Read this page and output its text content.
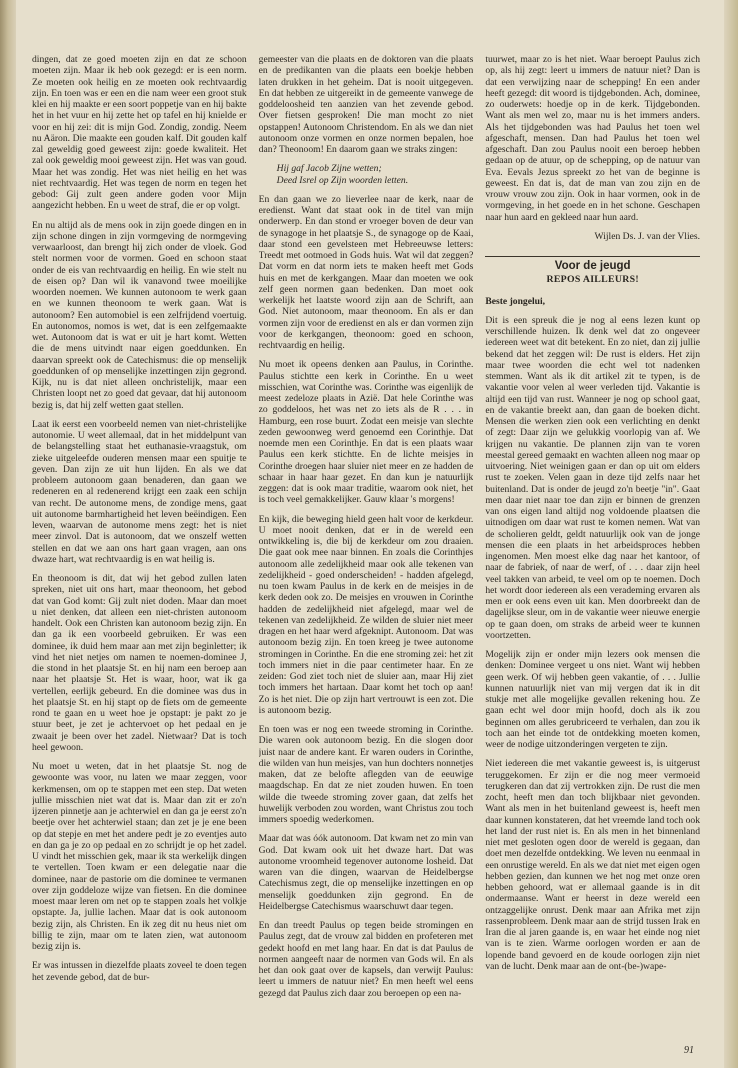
dingen, dat ze goed moeten zijn en dat ze schoon moeten zijn. Maar ik heb ook gezegd: er is een norm. Ze moeten ook heilig en ze moeten ook rechtvaardig zijn. En toen was er een en die nam weer een groot stuk klei en hij maakte er een soort poppetje van en hij bakte het in het vuur en hij zette het op tafel en hij knielde er voor en hij zei: dit is mijn God. Zondig, zondig. Neem nu Aäron. Die maakte een gouden kalf. Dit gouden kalf zal geweldig goed geweest zijn: goede kwaliteit. Het zal ook geweldig mooi geweest zijn. Het was van goud. Maar het was zondig. Het was niet heilig en het was niet rechtvaardig. Het was tegen de norm en tegen het gebod: Gij zult geen andere goden voor Mijn aangezicht hebben. En u weet de straf, die er op volgt.

En nu altijd als de mens ook in zijn goede dingen en in zijn schone dingen in zijn vormgeving de normgeving verwaarloost, dan brengt hij zich onder de vloek. God stelt normen voor de vormen. Goed en schoon staat onder de eis van rechtvaardig en heilig. En wie stelt nu de eisen op? Dan wil ik vanavond twee moeilijke woorden noemen. We kunnen autonoom te werk gaan en we kunnen theonoom te werk gaan. Wat is autonoom? Een automobiel is een zelfrijdend voertuig. En autonomos, nomos is wet, dat is een zelfgemaakte wet. Autonoom dat is wat er uit je hart komt. Wetten die de mens uitvindt naar eigen goeddunken. En daarvan spreekt ook de Catechismus: die op menselijk goeddunken of op menselijke inzettingen zijn gegrond. Kijk, nu is dat niet alleen onchristelijk, maar een Christen loopt net zo goed dat gevaar, dat hij autonoom bezig is, dat hij zelf wetten gaat stellen.

Laat ik eerst een voorbeeld nemen van niet-christelijke autonomie. U weet allemaal, dat in het middelpunt van de belangstelling staat het euthanasie-vraagstuk, om zieke uitgeleefde ouderen mensen maar een spuitje te geven. Dan zijn ze uit hun lijden. En als we dat probleem autonoom gaan benaderen, dan gaan we redeneren en al redenerend krijgt een zaak een schijn van recht. De autonome mens, de zondige mens, gaat uit autonome barmhartigheid het leven beëindigen. Een leven, waarvan de autonome mens zegt: het is niet meer zinvol. Dat is autonoom, dat we onszelf wetten stellen en dat we aan ons hart gaan vragen, aan ons dwaze hart, wat rechtvaardig is en wat heilig is.

En theonoom is dit, dat wij het gebod zullen laten spreken, niet uit ons hart, maar theonoom, het gebod dat van God komt: Gij zult niet doden. Maar dan moet u niet denken, dat alleen een niet-christen autonoom handelt. Ook een Christen kan autonoom bezig zijn. En dan ga ik een voorbeeld gebruiken. Er was een dominee, ik duid hem maar aan met zijn beginletter; ik vind het niet netjes om namen te noemen-dominee J, die stond in het plaatsje St. en hij nam een beroep aan naar het plaatsje St. Het is waar, hoor, wat ik ga vertellen, eerlijk gebeurd. En die dominee was dus in het plaatsje St. en hij stapt op de fiets om de gemeente rond te gaan en u weet hoe je opstapt: je pakt zo je stuur beet, je zet je achtervoet op het pedaal en je zwaait je been over het zadel. Nietwaar? Dat is toch heel gewoon.

Nu moet u weten, dat in het plaatsje St. nog de gewoonte was voor, nu laten we maar zeggen, voor kerkmensen, om op te stappen met een step. Dat weten jullie misschien niet wat dat is. Maar dan zit er zo'n ijzeren pinnetje aan je achterwiel en dan ga je eerst zo'n beetje over het achterwiel staan; dan zet je je ene been op dat stepje en met het andere pedt je zo eventjes auto en dan ga je zo op pedaal en zo schrijdt je op het zadel. U vindt het misschien gek, maar ik sta werkelijk dingen te vertellen. Toen kwam er een delegatie naar die dominee, naar de pastorie om die dominee te vermanen over zijn goddeloze wijze van fietsen. En die dominee moest maar leren om net op te stappen zoals het volkje opstapte. Ja, jullie lachen. Maar dat is ook autonoom bezig zijn, als Christen. En ik zeg dit nu heus niet om billig te zijn, maar om te laten zien, wat autonoom bezig zijn is.

Er was intussen in diezelfde plaats zoveel te doen tegen het zevende gebod, dat de bur-

gemeester van die plaats en de doktoren van die plaats en de predikanten van die plaats een boekje hebben laten drukken in het geheim. Dat is nooit uitgegeven. En dat hebben ze uitgereikt in de gemeente vanwege de goddeloosheid ten aanzien van het zevende gebod. Over fietsen gesproken! Die man mocht zo niet opstappen! Autonoom Christendom. En als we dan niet autonoom onze vormen en onze normen bepalen, hoe dan? Theonoom! En daarom gaan we straks zingen:

Hij gaf Jacob Zijne wetten;
Deed Isrel op Zijn woorden letten.

En dan gaan we zo lieverlee naar de kerk, naar de eredienst. Want dat staat ook in de titel van mijn onderwerp. En dan stond er vroeger boven de deur van de synagoge in het plaatsje S., de synagoge op de Kaai, daar stond een gevelsteen met Hebreeuwse letters: Treedt met ootmoed in Gods huis. Wat wil dat zeggen? Dat vorm en dat norm iets te maken heeft met Gods huis en met de kerkgangen. Maar dan moeten we ook zelf geen normen gaan bedenken. Dan moet ook werkelijk het laatste woord zijn aan de Schrift, aan God. Niet autonoom, maar theonoom. En als er dan vormen zijn voor de eredienst en als er dan vormen zijn voor de kerkgangen, theonoom: goed en schoon, rechtvaardig en heilig.

Nu moet ik opeens denken aan Paulus, in Corinthe. Paulus stichtte een kerk in Corinthe. En u weet misschien, wat Corinthe was. Corinthe was eigenlijk de meest zedeloze plaats in Azië. Dat hele Corinthe was zo goddeloos, het was net zo iets als de R . . . in Hamburg, een rose buurt. Zodat een meisje van slechte zeden gewoonweg werd genoemd een Corinthje. Dat noemde men een Corinthje. En dat is een plaats waar Paulus een kerk stichtte. En de lichte meisjes in Corinthe droegen haar sluier niet meer en ze hadden de schaar in haar haar gezet. En dan kun je natuurlijk zeggen: dat is ook maar traditie, waarom ook niet, het is toch veel gemakkelijker. Gauw klaar 's morgens!

En kijk, die beweging hield geen halt voor de kerkdeur. U moet nooit denken, dat er in de wereld een ontwikkeling is, die bij de kerkdeur om zou draaien. Die gaat ook mee naar binnen. En zoals die Corinthjes autonoom alle zedelijkheid maar ook alle tekenen van zedelijkheid - goed onderscheiden! - hadden afgelegd, nu toen kwam Paulus in de kerk en de meisjes in de kerk deden ook zo. De meisjes en vrouwen in Corinthe hadden de zedelijkheid niet afgelegd, maar wel de tekenen van zedelijkheid. Ze wilden de sluier niet meer dragen en het haar werd afgeknipt. Autonoom. Dat was autonoom bezig zijn. En toen kreeg je twee autonome stromingen in Corinthe. En die ene stroming zei: het zit toch immers niet in die paar centimeter haar. En ze zeiden: God ziet toch niet de sluier aan, maar Hij ziet toch immers het hartaan. Daar komt het toch op aan! Zo is het niet. Die op zijn hart vertrouwt is een zot. Die is autonoom bezig.

En toen was er nog een tweede stroming in Corinthe. Die waren ook autonoom bezig. En die slogen door juist naar de andere kant. Er waren ouders in Corinthe, die wilden van hun meisjes, van hun dochters nonnetjes maken, dat ze belofte aflegden van de eeuwige maagdschap. En dat ze niet zouden huwen. En toen wilde die tweede stroming zover gaan, dat zelfs het huwelijk verboden zou worden, want Christus zou toch immers spoedig wederkomen.

Maar dat was óók autonoom. Dat kwam net zo min van God. Dat kwam ook uit het dwaze hart. Dat was autonome vroomheid tegenover autonome losheid. Dat waren van die dingen, waarvan de Heidelbergse Catechismus zegt, die op menselijke inzettingen en op menselijk goeddunken zijn gegrond. En de Heidelbergse Catechismus waarschuwt daar tegen.

En dan treedt Paulus op tegen beide stromingen en Paulus zegt, dat de vrouw zal bidden en profeteren met gedekt hoofd en met lang haar. En dat is dat Paulus de normen aangeeft naar de normen van Gods wil. En als het dan ook gaat over de kapsels, dan verwijt Paulus: leert u immers de natuur niet? En men heeft wel eens gezegd dat Paulus zich daar zou beroepen op een na-

tuurwet, maar zo is het niet. Waar beroept Paulus zich op, als hij zegt: leert u immers de natuur niet? Dan is dat een verwijzing naar de schepping! En een ander heeft gezegd: dit woord is tijdgebonden. Ach, dominee, zo ouderwets: hoedje op in de kerk. Tijdgebonden. Want als men wel zo, maar nu is het immers anders. Als het tijdgebonden was had Paulus het toen wel afgeschaft, mensen. Dan had Paulus het toen wel afgeschaft. Dan zou Paulus nooit een beroep hebben gedaan op de atuur, op de schepping, op de natuur van Eva. Eevals Jezus spreekt zo het van de beginne is geweest. En dat is, dat de man van zou zijn en de vrouw vrouw zou zijn. Ook in haar vormen, ook in de vormgeving, in het goede en in het schone. Geschapen naar hun aard en gekleed naar hun aard.

Wijlen Ds. J. van der Vlies.
Voor de jeugd
REPOS AILLEURS!

Beste jongelui,

Dit is een spreuk die je nog al eens lezen kunt op verschillende huizen. Ik denk wel dat zo ongeveer iedereen weet wat dit betekent. En zo niet, dan zij jullie bekend dat het zeggen wil: De rust is elders. Het zijn maar twee woorden die echt wel tot nadenken stemmen. Want als ik dit artikel zit te typen, is de vakantie voor velen al weer verleden tijd. Vakantie is altijd een tijd van rust. Wanneer je nog op school gaat, en de vakantie breekt aan, dan gaan de boeken dicht. Mensen die werken zien ook een verlichting en denkt of zegt: Daar zijn we gelukkig voorlopig van af. We krijgen nu vakantie. De plannen zijn van te voren meestal gereed gemaakt en wachten alleen nog maar op uitvoering. Niet weinigen gaan er dan op uit om elders rust te zoeken. Velen gaan in deze tijd zelfs naar het buitenland. Dat is onder de jeugd zo'n beetje "in". Gaat men daar niet naar toe dan zijn er binnen de grenzen van ons eigen land altijd nog voldoende plaatsen die uitnodigen om daar wat rust te komen nemen. Wat van de scholieren geldt, geldt natuurlijk ook van de jonge mensen die een plaats in het arbeidsproces hebben ingenomen. Men moest elke dag naar het kantoor, of naar de fabriek, of naar de werf, of . . . daar zijn heel veel takken van arbeid, te veel om op te noemen. Doch het wordt door iedereen als een verademing ervaren als men er ook eens even uit kan. Men doorbreekt dan de dagelijkse sleur, om in de vakantie weer nieuwe energie op te gaan doen, om straks de arbeid weer te kunnen voortzetten.

Mogelijk zijn er onder mijn lezers ook mensen die denken: Dominee vergeet u ons niet. Want wij hebben geen werk. Of wij hebben geen vakantie, of . . . Jullie kunnen natuurlijk niet van mij vergen dat ik in dit stukje met alle mogelijke gevallen rekening hou. Ze gaan echt wel door mijn hoofd, doch als ik zou beginnen om alles gerubriceerd te verhalen, dan zou ik toch aan het einde tot de ontdekking moeten komen, weer de nodige uitzonderingen vergeten te zijn.

Niet iedereen die met vakantie geweest is, is uitgerust teruggekomen. Er zijn er die nog meer vermoeid terugkeren dan dat zij vertrokken zijn. De rust die men zocht, heeft men dan toch blijkbaar niet gevonden. Want als men in het buitenland geweest is, heeft men daar kunnen konstateren, dat het vreemde land toch ook het land der rust niet is. En als men in het binnenland niet met gesloten ogen door de wereld is gegaan, dan doet men dezelfde ontdekking. We leven nu eenmaal in een onrustige wereld. En als we dat niet met eigen ogen hebben gezien, dan kunnen we het nog met onze oren hebben gehoord, wat er allemaal gaande is in dit ondermaanse. Want er heerst in deze wereld een ontzaggelijke onrust. Denk maar aan Afrika met zijn rassenprobleem. Denk maar aan de strijd tussen Irak en Iran die al jaren gaande is, en waar het einde nog niet van is te zien. Warme oorlogen worden er aan de lopende band gevoerd en de koude oorlogen zijn niet van de lucht. Denk maar aan de ont-(be-)wape-

91
